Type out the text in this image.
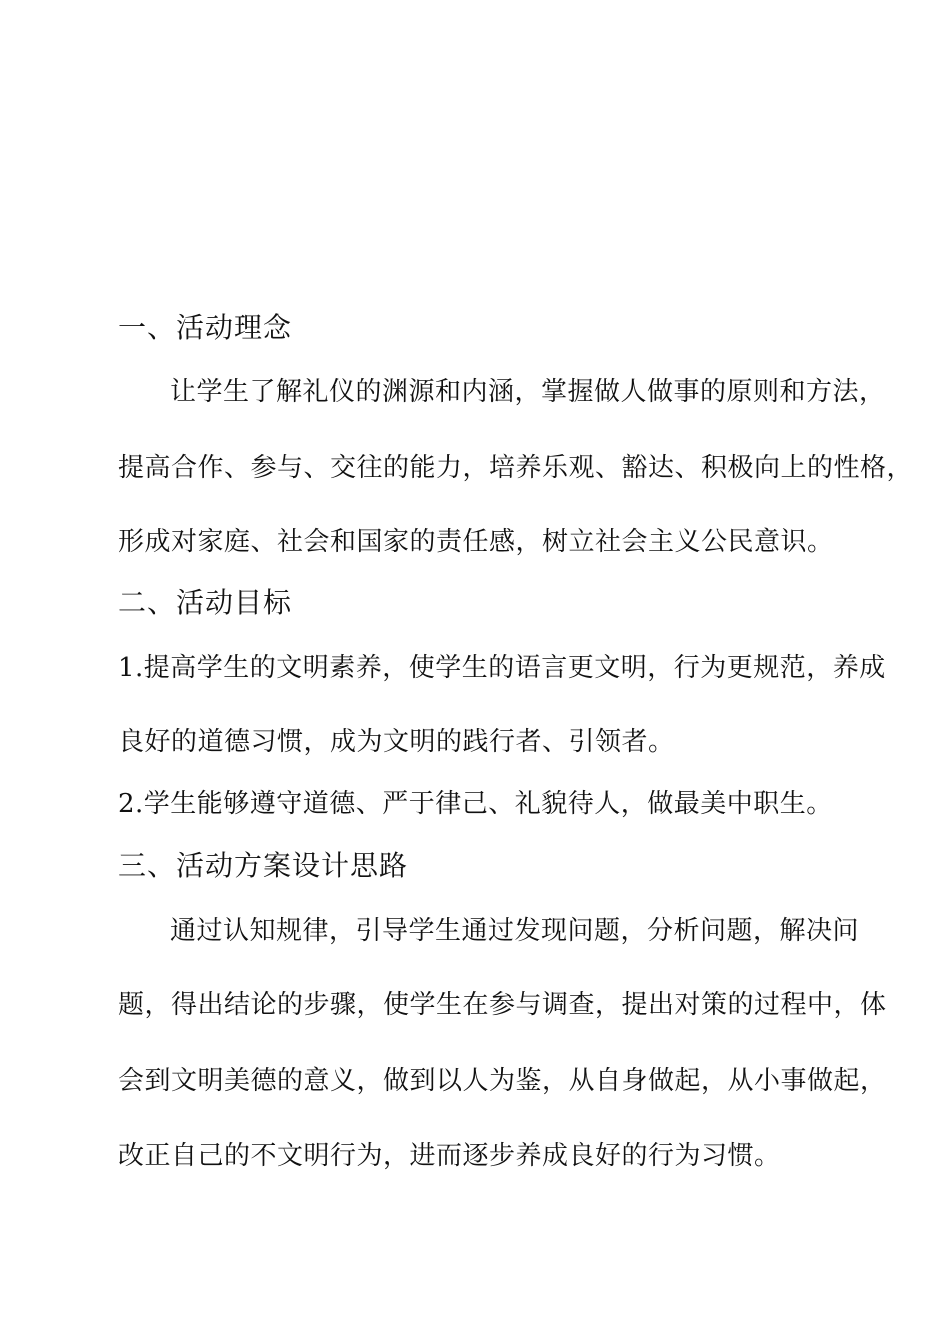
一、活动理念
让学生了解礼仪的渊源和内涵，掌握做人做事的原则和方法，
提高合作、参与、交往的能力，培养乐观、豁达、积极向上的性格，
形成对家庭、社会和国家的责任感，树立社会主义公民意识。
二、活动目标
1.提高学生的文明素养，使学生的语言更文明，行为更规范，养成
良好的道德习惯，成为文明的践行者、引领者。
2.学生能够遵守道德、严于律己、礼貌待人，做最美中职生。
三、活动方案设计思路
通过认知规律，引导学生通过发现问题，分析问题，解决问
题，得出结论的步骤，使学生在参与调查，提出对策的过程中，体
会到文明美德的意义，做到以人为鉴，从自身做起，从小事做起，
改正自己的不文明行为，进而逐步养成良好的行为习惯。
